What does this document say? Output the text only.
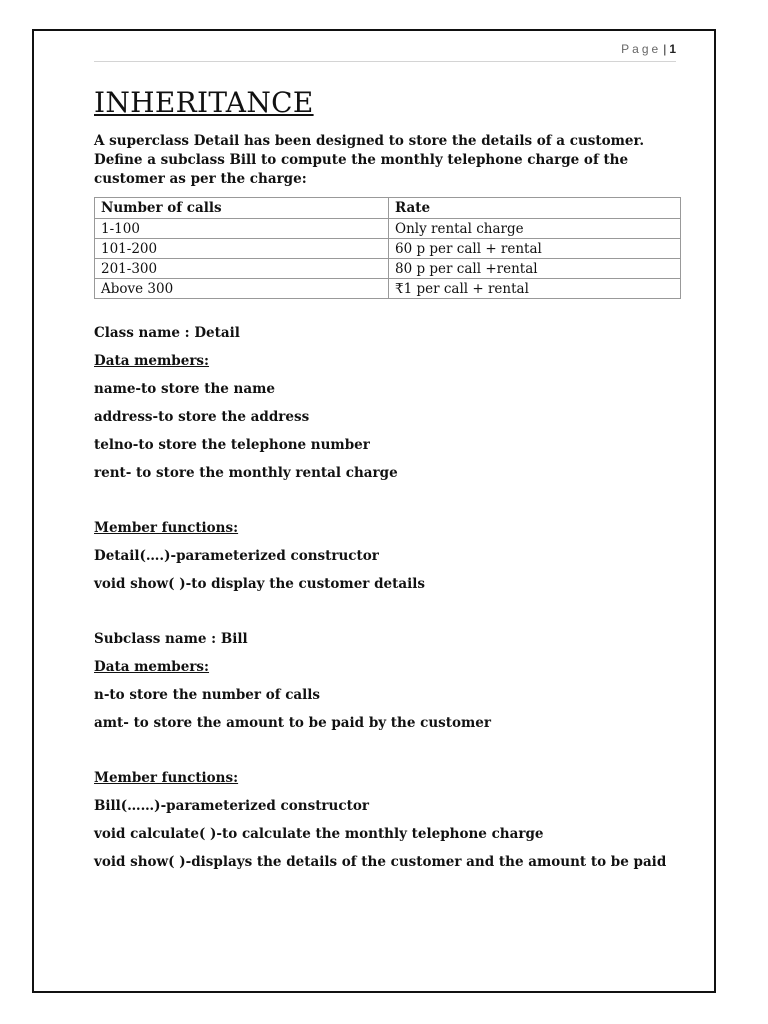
Page | 1
INHERITANCE

A superclass Detail has been designed to store the details of a customer. Define a subclass Bill to compute the monthly telephone charge of the customer as per the charge:

Number of calls	Rate
1-100	Only rental charge
101-200	60 p per call + rental
201-300	80 p per call +rental
Above 300	₹1 per call + rental

Class name : Detail

Data members:

name-to store the name

address-to store the address

telno-to store the telephone number

rent- to store the monthly rental charge

Member functions:

Detail(….)-parameterized constructor

void show( )-to display the customer details

Subclass name : Bill

Data members:

n-to store the number of calls

amt- to store the amount to be paid by the customer

Member functions:

Bill(……)-parameterized constructor

void calculate( )-to calculate the monthly telephone charge

void show( )-displays the details of the customer and the amount to be paid
